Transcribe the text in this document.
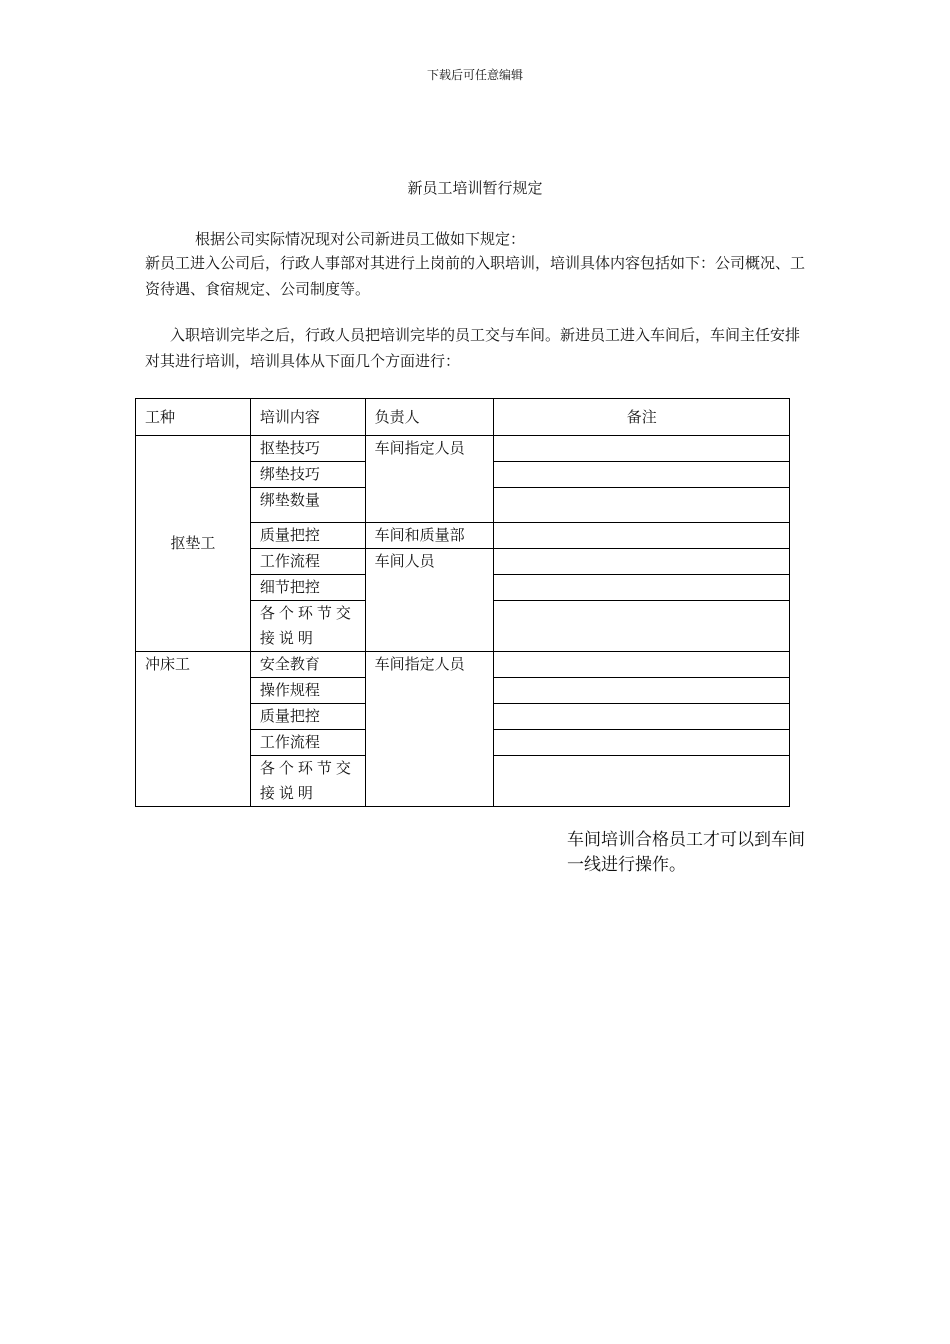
下载后可任意编辑
新员工培训暂行规定
根据公司实际情况现对公司新进员工做如下规定：
新员工进入公司后，行政人事部对其进行上岗前的入职培训，培训具体内容包括如下：公司概况、工资待遇、食宿规定、公司制度等。
入职培训完毕之后，行政人员把培训完毕的员工交与车间。新进员工进入车间后，车间主任安排对其进行培训，培训具体从下面几个方面进行：
工种	培训内容	负责人	备注
抠垫工	抠垫技巧	车间指定人员	
	绑垫技巧		
	绑垫数量		
	质量把控	车间和质量部	
	工作流程	车间人员	
	细节把控		
	各个环节交接说明		
冲床工	安全教育	车间指定人员	
	操作规程		
	质量把控		
	工作流程		
	各个环节交接说明		
车间培训合格员工才可以到车间一线进行操作。
